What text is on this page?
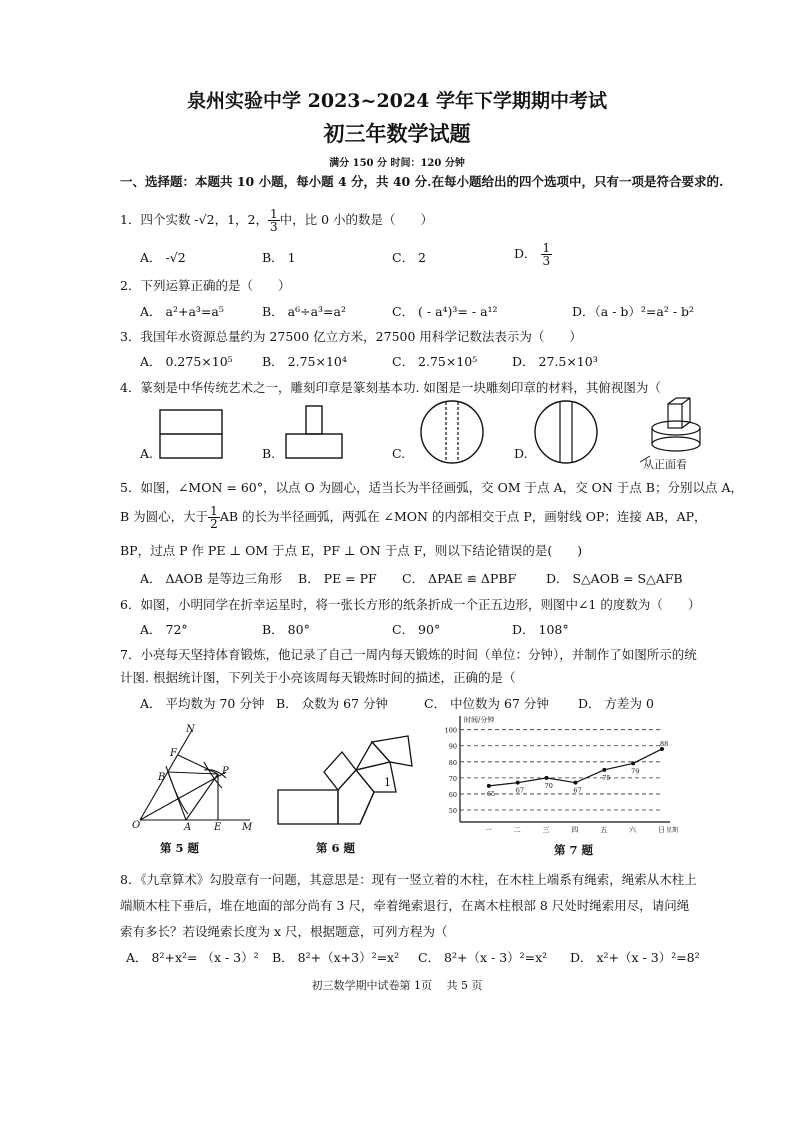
泉州实验中学 2023~2024 学年下学期期中考试
初三年数学试题
满分 150 分 时间：120 分钟
一、选择题：本题共 10 小题，每小题 4 分，共 40 分.在每小题给出的四个选项中，只有一项是符合要求的.
1．四个实数 -√2，1，2， $\frac{1}{3}$ 中，比 0 小的数是（　　）
A． -√2	B． 1	C． 2	D． $\frac{1}{3}$
2．下列运算正确的是（　　）
A． a²+a³=a⁵	B． a⁶÷a³=a²	C． ( - a⁴)³= - a¹²	D．（a - b）²=a² - b²
3．我国年水资源总量约为 27500 亿立方米，27500 用科学记数法表示为（　　）
A． 0.275×10⁵ B． 2.75×10⁴	C． 2.75×10⁵	D． 27.5×10³
4．篆刻是中华传统艺术之一，雕刻印章是篆刻基本功. 如图是一块雕刻印章的材料，其俯视图为（
A.	B.	C.	D.
从正面看
5．如图，∠MON = 60°，以点 O 为圆心，适当长为半径画弧，交 OM 于点 A，交 ON 于点 B；分别以点 A，
B 为圆心，大于 $\frac{1}{2}$ AB 的长为半径画弧，两弧在 ∠MON 的内部相交于点 P，画射线 OP；连接 AB，AP，
BP，过点 P 作 PE ⊥ OM 于点 E，PF ⊥ ON 于点 F，则以下结论错误的是(　　)
A． ΔAOB 是等边三角形 B． PE = PF C． ΔPAE ≌ ΔPBF D． S△AOB = S△AFB
6．如图，小明同学在折幸运星时，将一张长方形的纸条折成一个正五边形，则图中∠1 的度数为（　　）
A． 72°	B． 80°	C． 90°	D． 108°
7．小亮每天坚持体育锻炼，他记录了自己一周内每天锻炼的时间（单位：分钟），并制作了如图所示的统
计图. 根据统计图，下列关于小亮该周每天锻炼时间的描述，正确的是（
A． 平均数为 70 分钟 B． 众数为 67 分钟	C． 中位数为 67 分钟 D． 方差为 0
N
F
B
P
O	A E M
第 5 题
1
第 6 题
时间/分钟
50
60
70
80
90
100
一	二	三	四	五	六	日 星期
65	67
70
67
75
79
88
第 7 题
8．《九章算术》勾股章有一问题，其意思是：现有一竖立着的木柱，在木柱上端系有绳索，绳索从木柱上
端顺木柱下垂后，堆在地面的部分尚有 3 尺，牵着绳索退行，在离木柱根部 8 尺处时绳索用尽，请问绳
索有多长？若设绳索长度为 x 尺，根据题意，可列方程为（
A． 8²+x²= （x - 3）² B． 8²+（x+3）²=x² C． 8²+（x - 3）²=x² D． x²+（x - 3）²=8²
初三数学期中试卷第 1页　 共 5 页
